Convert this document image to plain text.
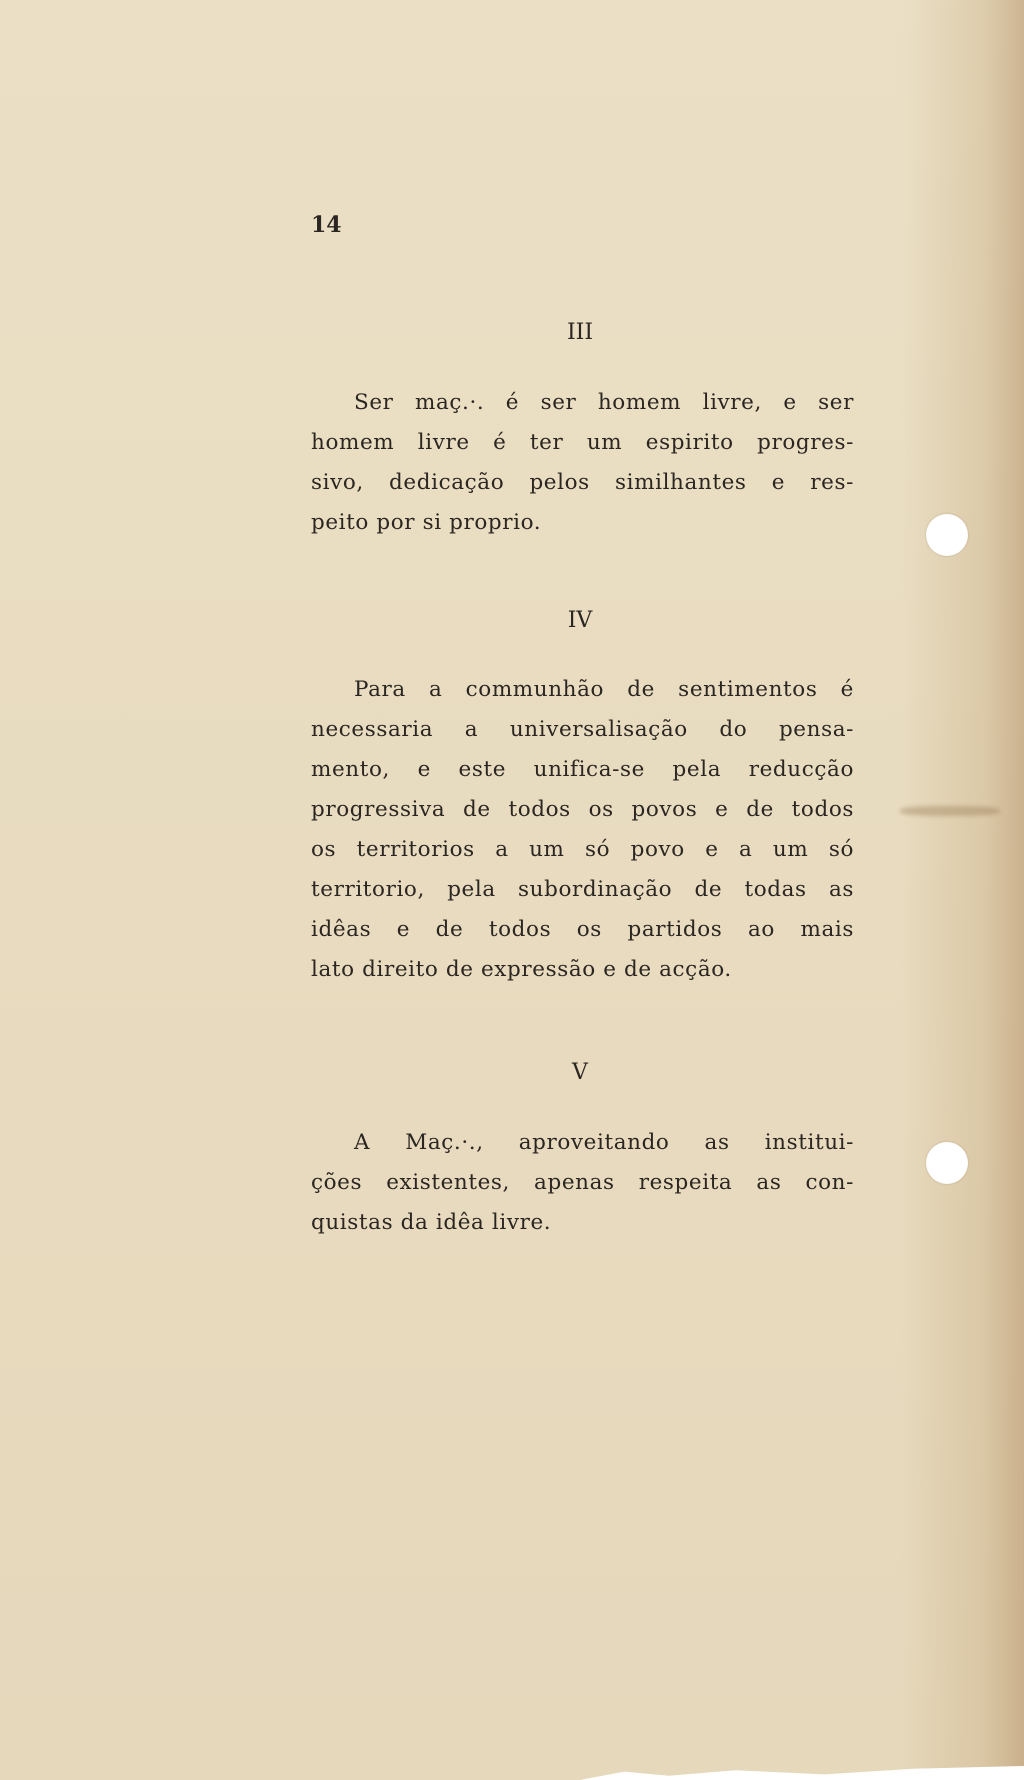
14
III
Ser maç.·. é ser homem livre, e ser
homem livre é ter um espirito progres-
sivo, dedicação pelos similhantes e res-
peito por si proprio.
IV
Para a communhão de sentimentos é
necessaria a universalisação do pensa-
mento, e este unifica-se pela reducção
progressiva de todos os povos e de todos
os territorios a um só povo e a um só
territorio, pela subordinação de todas as
idêas e de todos os partidos ao mais
lato direito de expressão e de acção.
V
A Maç.·., aproveitando as institui-
ções existentes, apenas respeita as con-
quistas da idêa livre.
